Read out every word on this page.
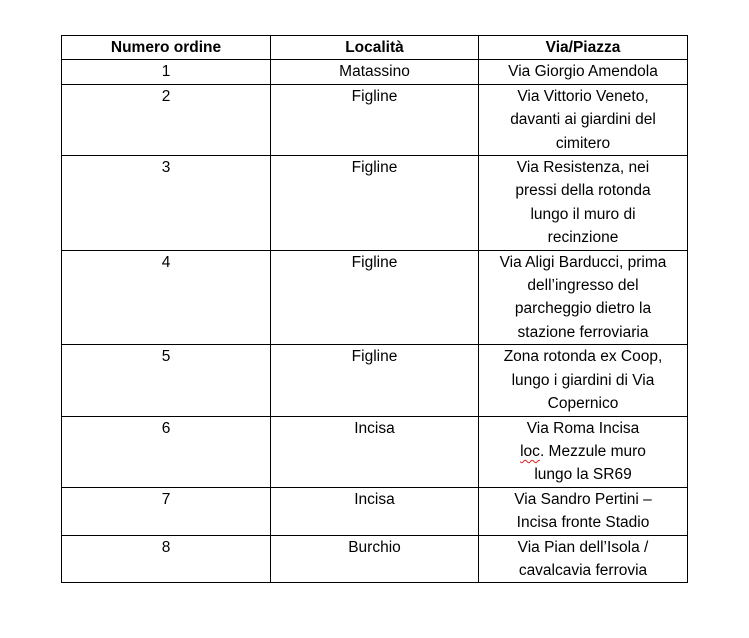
Numero ordine	Località	Via/Piazza
1	Matassino	Via Giorgio Amendola
2	Figline	Via Vittorio Veneto,
davanti ai giardini del
cimitero
3	Figline	Via Resistenza, nei
pressi della rotonda
lungo il muro di
recinzione
4	Figline	Via Aligi Barducci, prima
dell’ingresso del
parcheggio dietro la
stazione ferroviaria
5	Figline	Zona rotonda ex Coop,
lungo i giardini di Via
Copernico
6	Incisa	Via Roma Incisa
loc. Mezzule muro
lungo la SR69
7	Incisa	Via Sandro Pertini –
Incisa fronte Stadio
8	Burchio	Via Pian dell’Isola /
cavalcavia ferrovia
